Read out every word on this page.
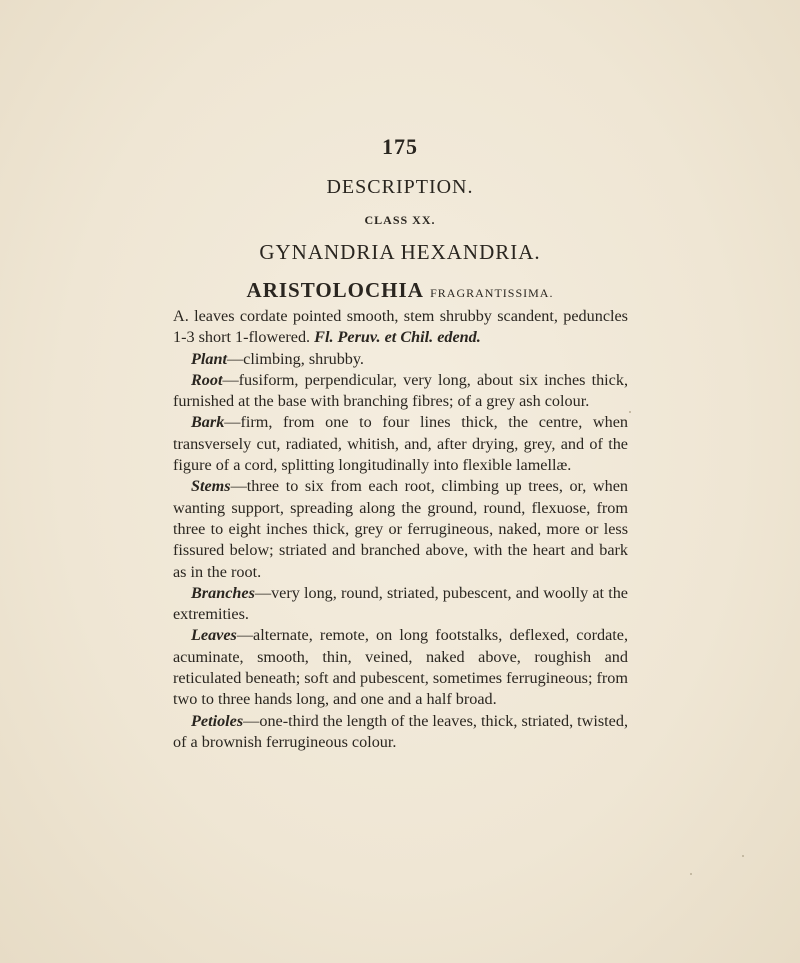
175
DESCRIPTION.
CLASS XX.
GYNANDRIA HEXANDRIA.
ARISTOLOCHIA FRAGRANTISSIMA.

A. leaves cordate pointed smooth, stem shrubby scandent, peduncles 1-3 short 1-flowered. Fl. Peruv. et Chil. edend.

Plant—climbing, shrubby.

Root—fusiform, perpendicular, very long, about six inches thick, furnished at the base with branching fibres; of a grey ash colour.

Bark—firm, from one to four lines thick, the centre, when transversely cut, radiated, whitish, and, after drying, grey, and of the figure of a cord, splitting longitudinally into flexible lamellæ.

Stems—three to six from each root, climbing up trees, or, when wanting support, spreading along the ground, round, flexuose, from three to eight inches thick, grey or ferrugineous, naked, more or less fissured below; striated and branched above, with the heart and bark as in the root.

Branches—very long, round, striated, pubescent, and woolly at the extremities.

Leaves—alternate, remote, on long footstalks, deflexed, cordate, acuminate, smooth, thin, veined, naked above, roughish and reticulated beneath; soft and pubescent, sometimes ferrugineous; from two to three hands long, and one and a half broad.

Petioles—one-third the length of the leaves, thick, striated, twisted, of a brownish ferrugineous colour.
